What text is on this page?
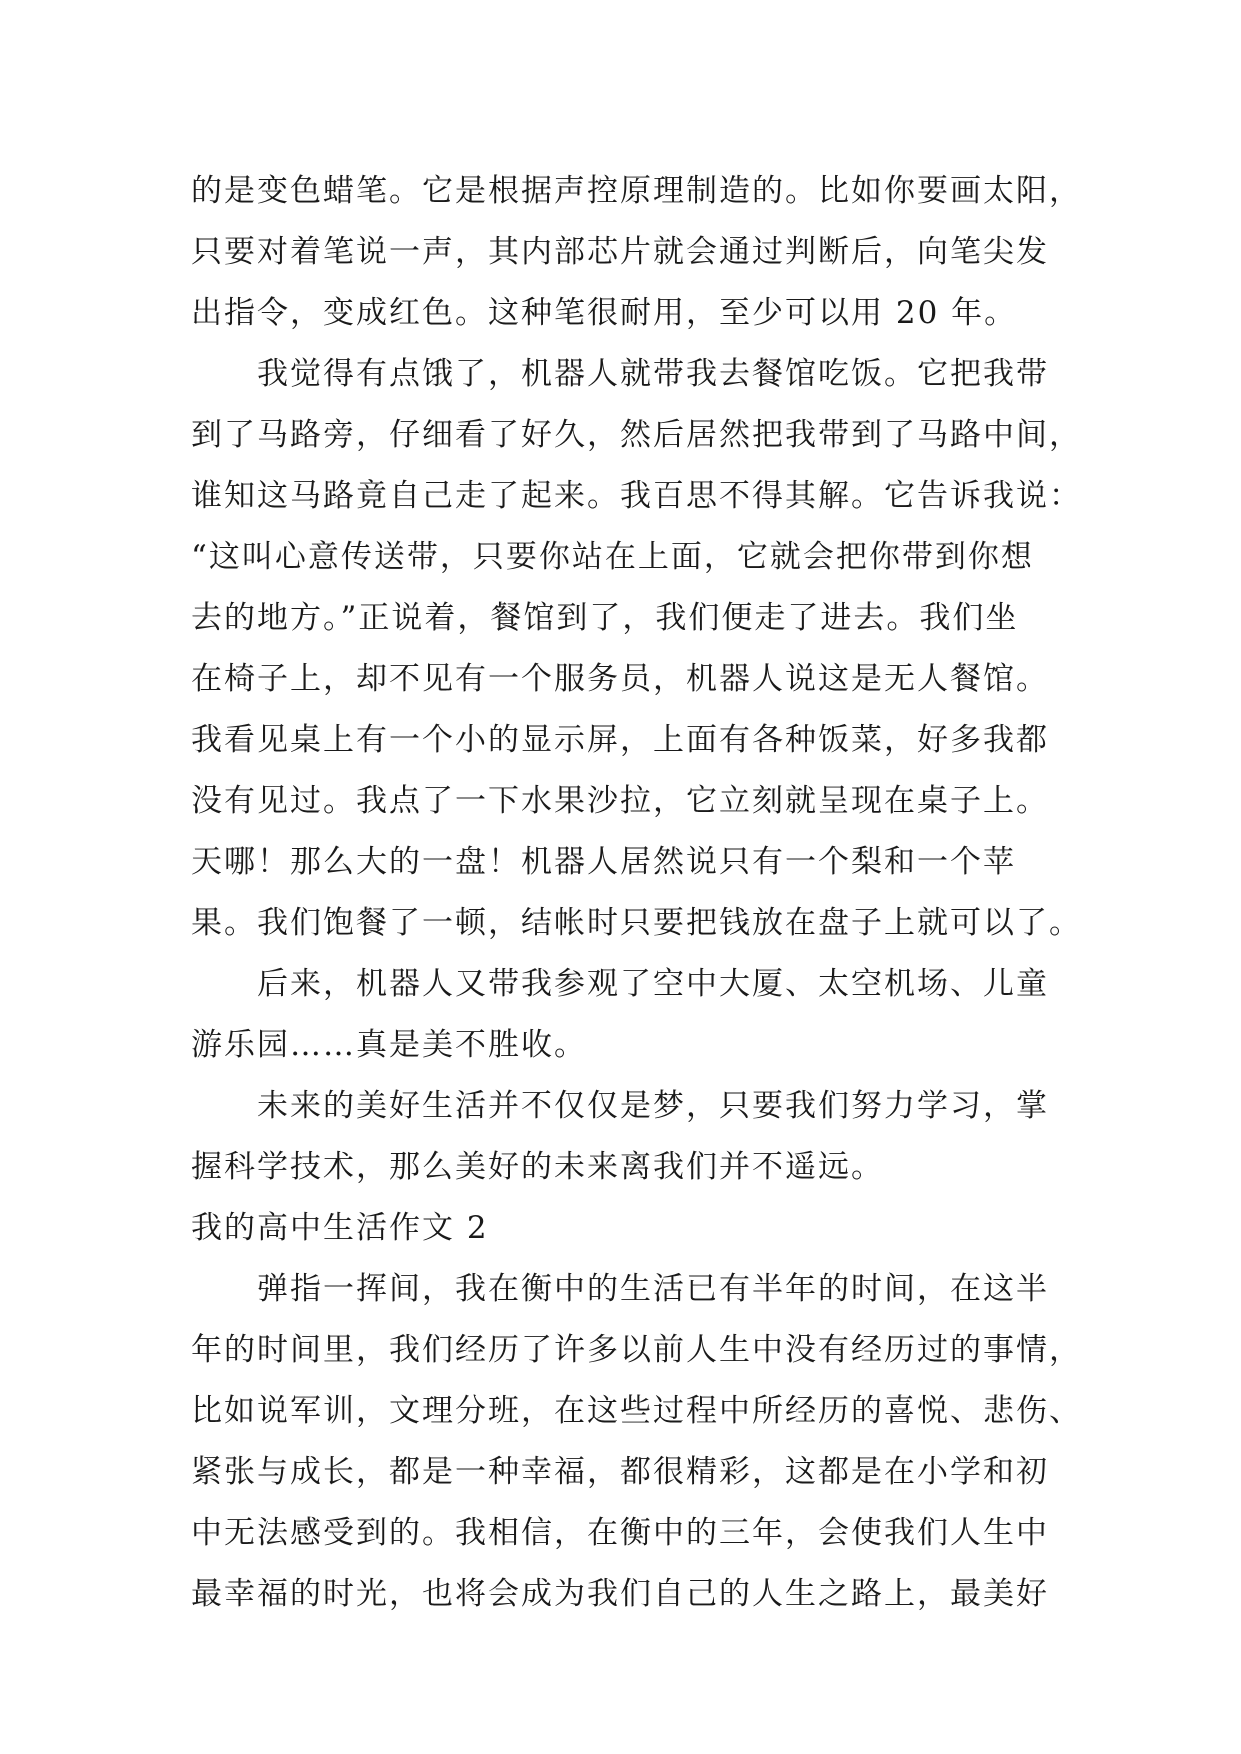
的是变色蜡笔。它是根据声控原理制造的。比如你要画太阳，
只要对着笔说一声，其内部芯片就会通过判断后，向笔尖发
出指令，变成红色。这种笔很耐用，至少可以用 20 年。
我觉得有点饿了，机器人就带我去餐馆吃饭。它把我带
到了马路旁，仔细看了好久，然后居然把我带到了马路中间，
谁知这马路竟自己走了起来。我百思不得其解。它告诉我说：
“这叫心意传送带，只要你站在上面，它就会把你带到你想
去的地方。”正说着，餐馆到了，我们便走了进去。我们坐
在椅子上，却不见有一个服务员，机器人说这是无人餐馆。
我看见桌上有一个小的显示屏，上面有各种饭菜，好多我都
没有见过。我点了一下水果沙拉，它立刻就呈现在桌子上。
天哪！那么大的一盘！机器人居然说只有一个梨和一个苹
果。我们饱餐了一顿，结帐时只要把钱放在盘子上就可以了。
后来，机器人又带我参观了空中大厦、太空机场、儿童
游乐园……真是美不胜收。
未来的美好生活并不仅仅是梦，只要我们努力学习，掌
握科学技术，那么美好的未来离我们并不遥远。
我的高中生活作文 2
弹指一挥间，我在衡中的生活已有半年的时间，在这半
年的时间里，我们经历了许多以前人生中没有经历过的事情，
比如说军训，文理分班，在这些过程中所经历的喜悦、悲伤、
紧张与成长，都是一种幸福，都很精彩，这都是在小学和初
中无法感受到的。我相信，在衡中的三年，会使我们人生中
最幸福的时光，也将会成为我们自己的人生之路上，最美好
